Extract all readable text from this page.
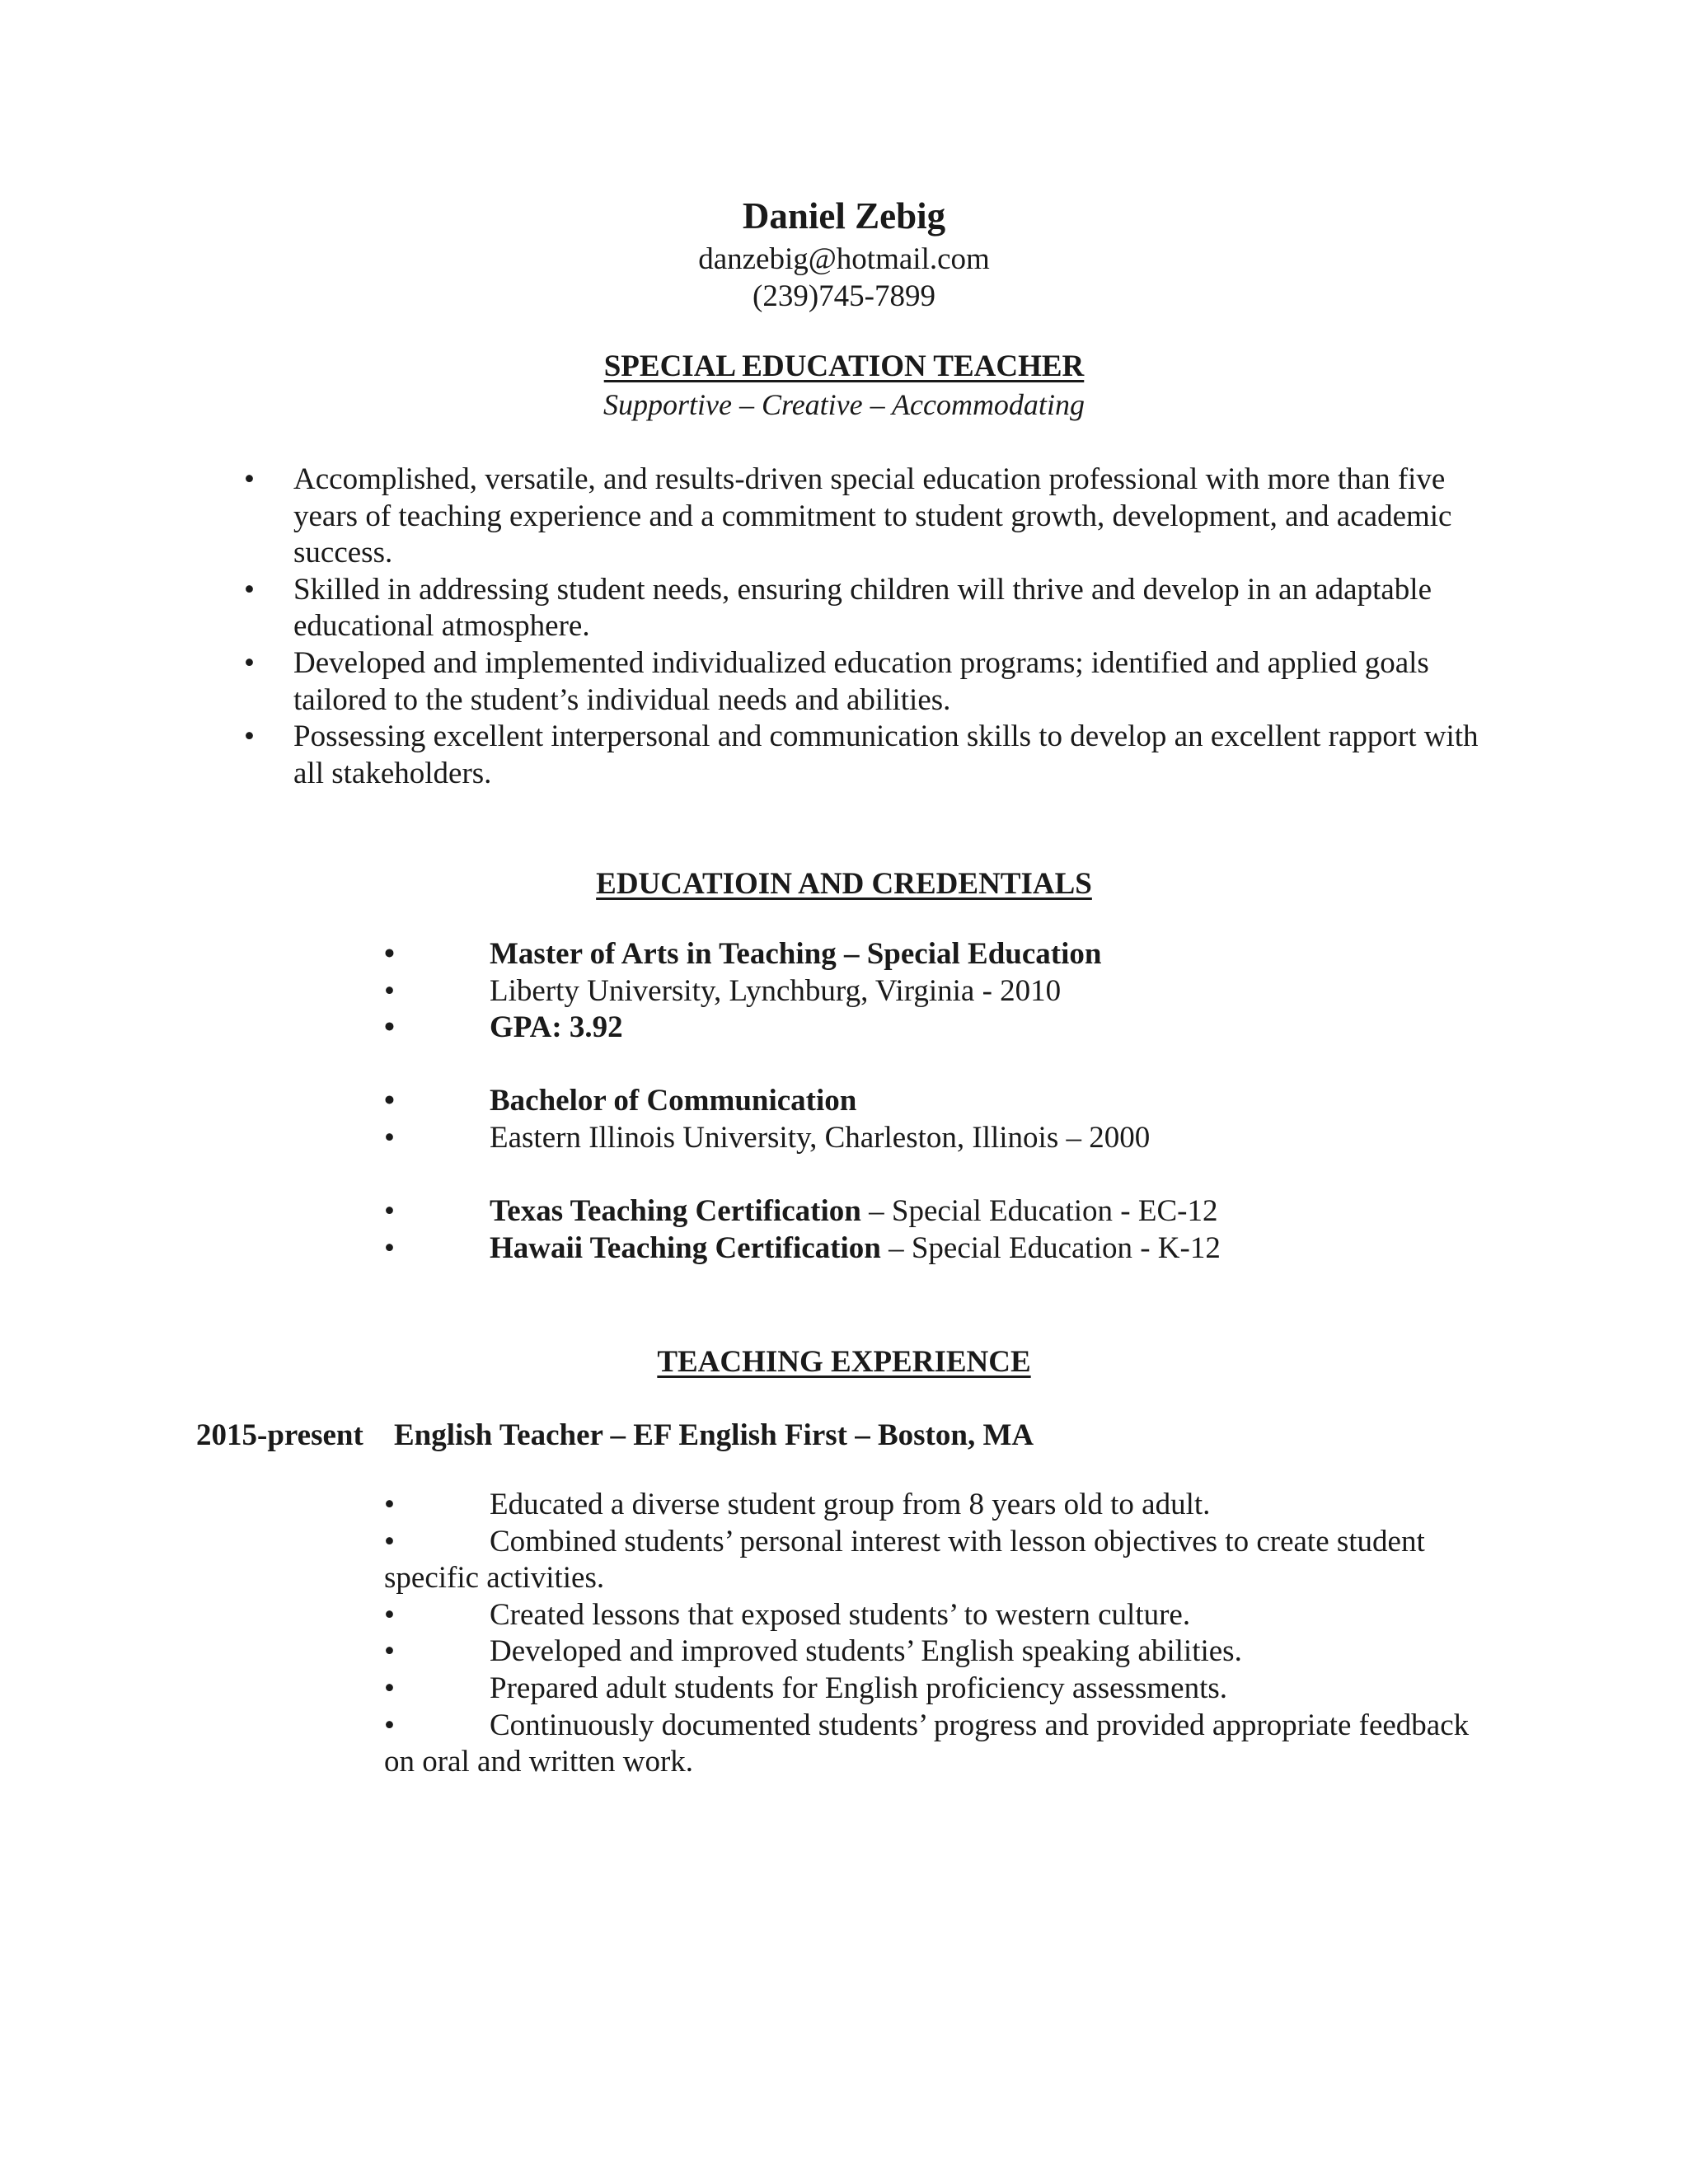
Daniel Zebig

danzebig@hotmail.com

(239)745-7899

SPECIAL EDUCATION TEACHER

Supportive – Creative – Accommodating

• Accomplished, versatile, and results-driven special education professional with more than five years of teaching experience and a commitment to student growth, development, and academic success.
• Skilled in addressing student needs, ensuring children will thrive and develop in an adaptable educational atmosphere.
• Developed and implemented individualized education programs; identified and applied goals tailored to the student’s individual needs and abilities.
• Possessing excellent interpersonal and communication skills to develop an excellent rapport with all stakeholders.

EDUCATIOIN AND CREDENTIALS

•	Master of Arts in Teaching – Special Education
•	Liberty University, Lynchburg, Virginia - 2010
•	GPA: 3.92
•	Bachelor of Communication
•	Eastern Illinois University, Charleston, Illinois – 2000
•	Texas Teaching Certification – Special Education - EC-12
•	Hawaii Teaching Certification – Special Education - K-12

TEACHING EXPERIENCE

2015-present English Teacher – EF English First – Boston, MA
•	Educated a diverse student group from 8 years old to adult.
•	Combined students’ personal interest with lesson objectives to create student specific activities.
•	Created lessons that exposed students’ to western culture.
•	Developed and improved students’ English speaking abilities.
•	Prepared adult students for English proficiency assessments.
•	Continuously documented students’ progress and provided appropriate feedback on oral and written work.
